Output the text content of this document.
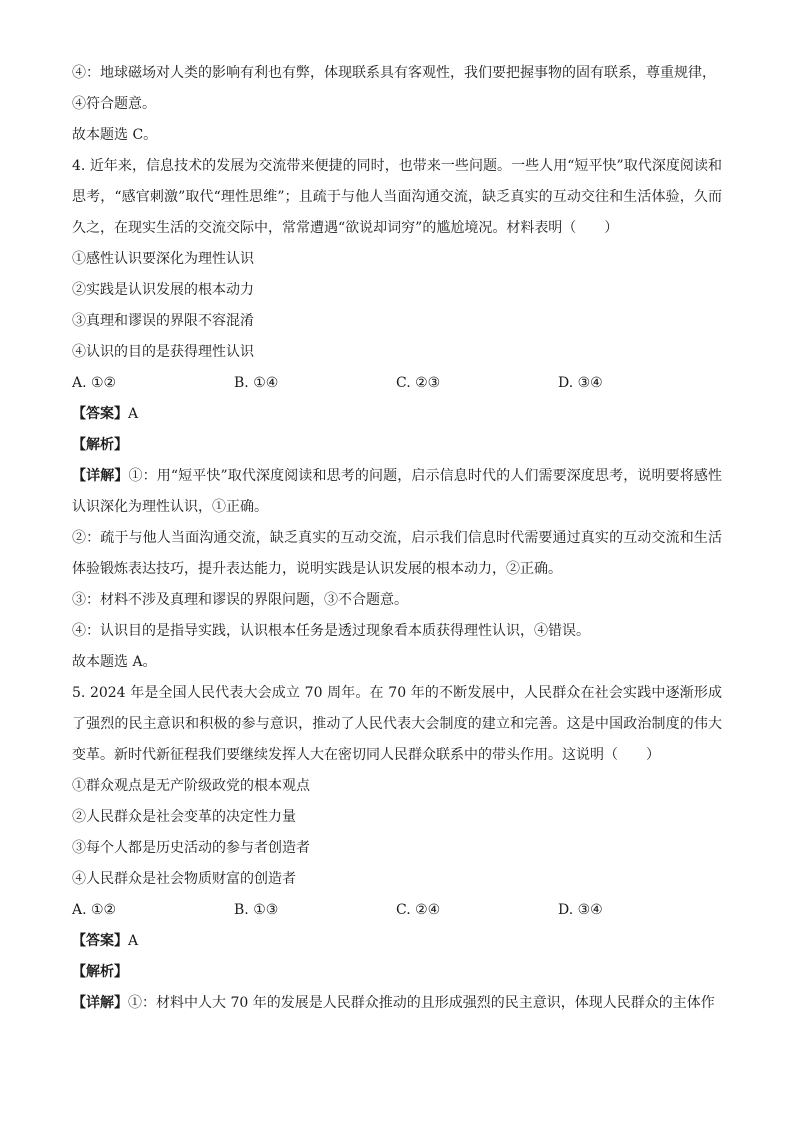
④：地球磁场对人类的影响有利也有弊，体现联系具有客观性，我们要把握事物的固有联系，尊重规律，
④符合题意。
故本题选 C。
4. 近年来，信息技术的发展为交流带来便捷的同时，也带来一些问题。一些人用“短平快”取代深度阅读和思考，“感官刺激”取代“理性思维”；且疏于与他人当面沟通交流，缺乏真实的互动交往和生活体验，久而久之，在现实生活的交流交际中，常常遭遇“欲说却词穷”的尴尬境况。材料表明（　　）
①感性认识要深化为理性认识
②实践是认识发展的根本动力
③真理和谬误的界限不容混淆
④认识的目的是获得理性认识
A. ①②	B. ①④	C. ②③	D. ③④
【答案】A
【解析】
【详解】①：用“短平快”取代深度阅读和思考的问题，启示信息时代的人们需要深度思考，说明要将感性认识深化为理性认识，①正确。
②：疏于与他人当面沟通交流，缺乏真实的互动交流，启示我们信息时代需要通过真实的互动交流和生活体验锻炼表达技巧，提升表达能力，说明实践是认识发展的根本动力，②正确。
③：材料不涉及真理和谬误的界限问题，③不合题意。
④：认识目的是指导实践，认识根本任务是透过现象看本质获得理性认识，④错误。
故本题选 A。
5. 2024 年是全国人民代表大会成立 70 周年。在 70 年的不断发展中，人民群众在社会实践中逐渐形成了强烈的民主意识和积极的参与意识，推动了人民代表大会制度的建立和完善。这是中国政治制度的伟大变革。新时代新征程我们要继续发挥人大在密切同人民群众联系中的带头作用。这说明（　　）
①群众观点是无产阶级政党的根本观点
②人民群众是社会变革的决定性力量
③每个人都是历史活动的参与者创造者
④人民群众是社会物质财富的创造者
A. ①②	B. ①③	C. ②④	D. ③④
【答案】A
【解析】
【详解】①：材料中人大 70 年的发展是人民群众推动的且形成强烈的民主意识，体现人民群众的主体作
